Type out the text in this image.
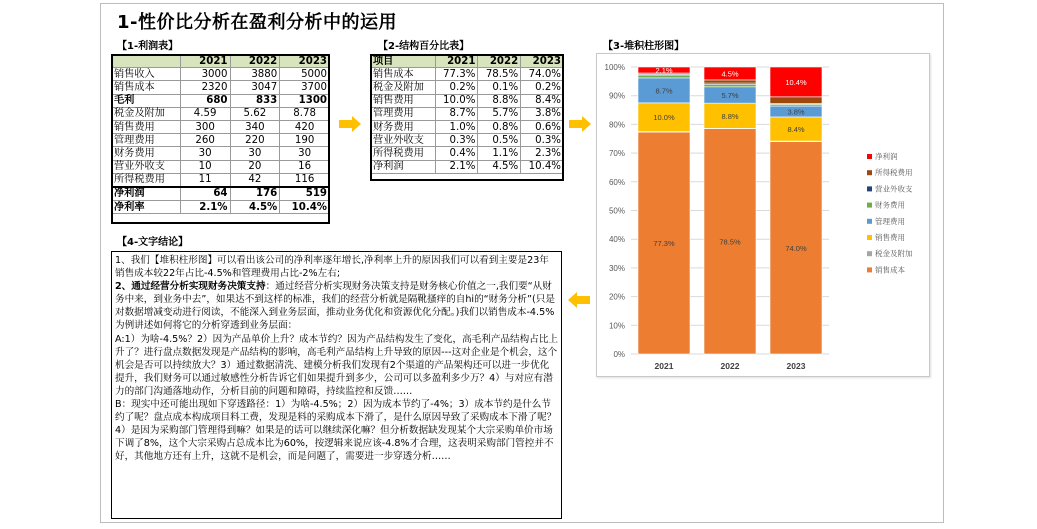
1-性价比分析在盈利分析中的运用
【1-利润表】	【2-结构百分比表】	【3-堆积柱形图】
【4-文字结论】
	2021	2022	2023
销售收入	3000	3880	5000
销售成本	2320	3047	3700
毛利	680	833	1300
税金及附加	4.59	5.62	8.78
销售费用	300	340	420
管理费用	260	220	190
财务费用	30	30	30
营业外收支	10	20	16
所得税费用	11	42	116
净利润	64	176	519
净利率	2.1%	4.5%	10.4%
项目	2021	2022	2023
销售成本	77.3%	78.5%	74.0%
税金及附加	0.2%	0.1%	0.2%
销售费用	10.0%	8.8%	8.4%
管理费用	8.7%	5.7%	3.8%
财务费用	1.0%	0.8%	0.6%
营业外收支	0.3%	0.5%	0.3%
所得税费用	0.4%	1.1%	2.3%
净利润	2.1%	4.5%	10.4%
0%
10%
20%
30%
40%
50%
60%
70%
80%
90%
100%
77.3%
10.0%
8.7%
2.1%
2021
78.5%
8.8%
5.7%
4.5%
2022
74.0%
8.4%
3.8%
10.4%
2023
净利润
所得税费用
营业外收支
财务费用
管理费用
销售费用
税金及附加
销售成本

1、我们【堆积柱形图】可以看出该公司的净利率逐年增长,净利率上升的原因我们可以看到主要是23年销售成本较22年占比-4.5%和管理费用占比-2%左右;

2、通过经营分析实现财务决策支持：通过经营分析实现财务决策支持是财务核心价值之一,我们要“从财务中来，到业务中去”，如果达不到这样的标准，我们的经营分析就是隔靴搔痒的自hi的“财务分析”(只是对数据增减变动进行阅读，不能深入到业务层面，推动业务优化和资源优化分配。)我们以销售成本-4.5%为例讲述如何将它的分析穿透到业务层面：

A:1）为啥-4.5%？2）因为产品单价上升？成本节约？因为产品结构发生了变化，高毛利产品结构占比上升了？进行盘点数据发现是产品结构的影响，高毛利产品结构上升导致的原因---这对企业是个机会，这个机会是否可以持续放大？3）通过数据清洗、建模分析我们发现有2个渠道的产品架构还可以进一步优化提升，我们财务可以通过敏感性分析告诉它们如果提升到多少，公司可以多盈利多少万？4）与对应有潜力的部门沟通落地动作，分析目前的问题和障碍，持续监控和反馈……

B：现实中还可能出现如下穿透路径：1）为啥-4.5%；2）因为成本节约了-4%；3）成本节约是什么节约了呢？盘点成本构成项目料工费，发现是料的采购成本下滑了，是什么原因导致了采购成本下滑了呢？4）是因为采购部门管理得到嘛？如果是的话可以继续深化嘛？但分析数据缺发现某个大宗采购单价市场下调了8%，这个大宗采购占总成本比为60%，按逻辑来说应该-4.8%才合理，这表明采购部门管控并不好，其他地方还有上升，这就不是机会，而是问题了，需要进一步穿透分析……
